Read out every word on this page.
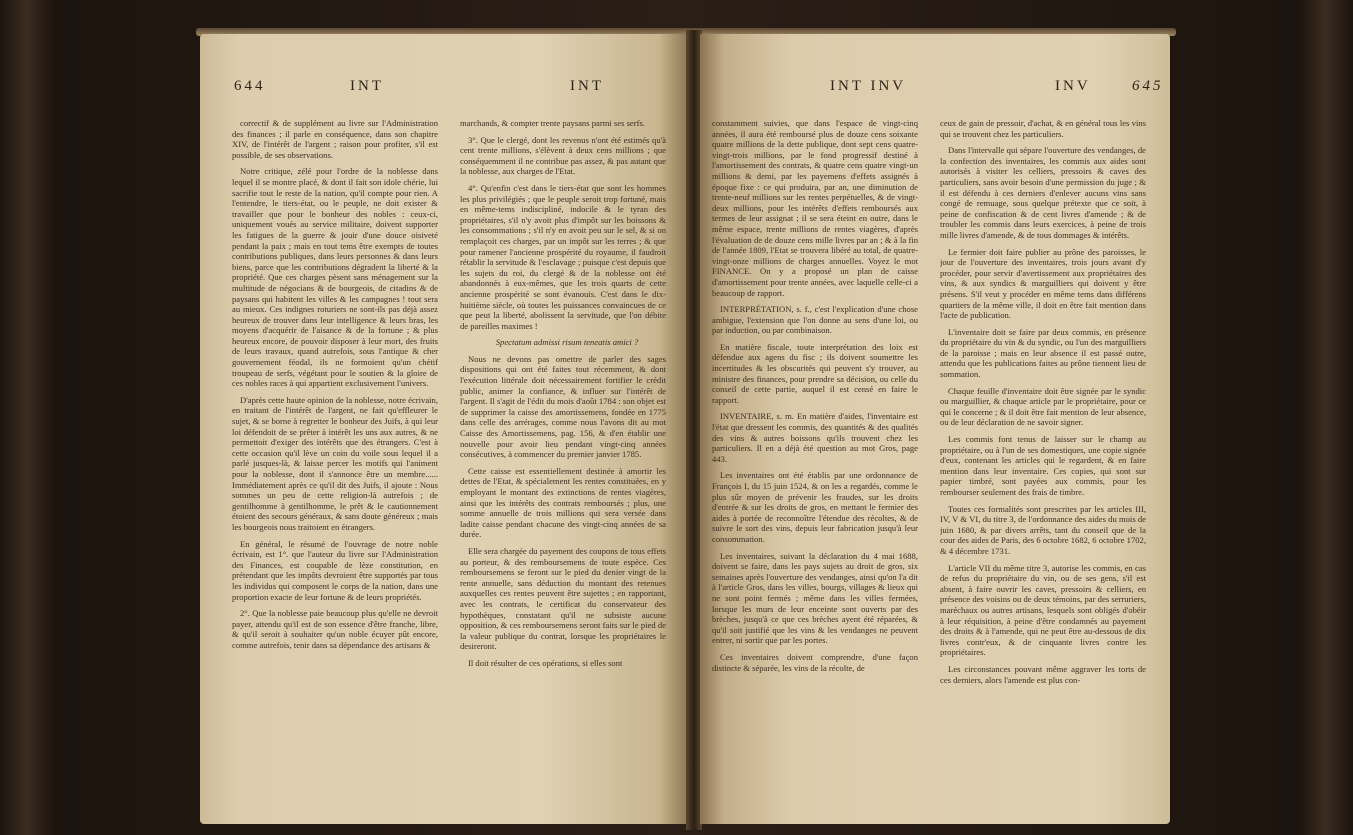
644	INT	INT

correctif & de supplément au livre sur l'Administration des finances ; il parle en conséquence, dans son chapitre XIV, de l'intérêt de l'argent ; raison pour profiter, s'il est possible, de ses observations.

Notre critique, zélé pour l'ordre de la noblesse dans lequel il se montre placé, & dont il fait son idole chérie, lui sacrifie tout le reste de la nation, qu'il compte pour rien. A l'entendre, le tiers-état, ou le peuple, ne doit exister & travailler que pour le bonheur des nobles : ceux-ci, uniquement voués au service militaire, doivent supporter les fatigues de la guerre & jouir d'une douce oisiveté pendant la paix ; mais en tout tems être exempts de toutes contributions publiques, dans leurs personnes & dans leurs biens, parce que les contributions dégradent la liberté & la propriété. Que ces charges pèsent sans ménagement sur la multitude de négocians & de bourgeois, de citadins & de paysans qui habitent les villes & les campagnes ! tout sera au mieux. Ces indignes roturiers ne sont-ils pas déjà assez heureux de trouver dans leur intelligence & leurs bras, les moyens d'acquérir de l'aisance & de la fortune ; & plus heureux encore, de pouvoir disposer à leur mort, des fruits de leurs travaux, quand autrefois, sous l'antique & cher gouvernement féodal, ils ne formoient qu'un chétif troupeau de serfs, végétant pour le soutien & la gloire de ces nobles races à qui appartient exclusivement l'univers.

D'après cette haute opinion de la noblesse, notre écrivain, en traitant de l'intérêt de l'argent, ne fait qu'effleurer le sujet, & se borne à regretter le bonheur des Juifs, à qui leur loi défendoit de se prêter à intérêt les uns aux autres, & ne permettoit d'exiger des intérêts que des étrangers. C'est à cette occasion qu'il lève un coin du voile sous lequel il a parlé jusques-là, & laisse percer les motifs qui l'animent pour la noblesse, dont il s'annonce être un membre...... Immédiatement après ce qu'il dit des Juifs, il ajoute : Nous sommes un peu de cette religion-là autrefois ; de gentilhomme à gentilhomme, le prêt & le cautionnement étoient des secours généraux, & sans doute généreux ; mais les bourgeois nous traitoient en étrangers.

En général, le résumé de l'ouvrage de notre noble écrivain, est 1°. que l'auteur du livre sur l'Administration des Finances, est coupable de lèze constitution, en prétendant que les impôts devroient être supportés par tous les individus qui composent le corps de la nation, dans une proportion exacte de leur fortune & de leurs propriétés.

2°. Que la noblesse paie beaucoup plus qu'elle ne devroit payer, attendu qu'il est de son essence d'être franche, libre, & qu'il seroit à souhaiter qu'un noble écuyer pût encore, comme autrefois, tenir dans sa dépendance des artisans &

marchands, & compter trente paysans parmi ses serfs.

3°. Que le clergé, dont les revenus n'ont été estimés qu'à cent trente millions, s'élèvent à deux cens millions ; que conséquemment il ne contribue pas assez, & pas autant que la noblesse, aux charges de l'Etat.

4°. Qu'enfin c'est dans le tiers-état que sont les hommes les plus privilégiés ; que le peuple seroit trop fortuné, mais en même-tems indiscipliné, indocile & le tyran des propriétaires, s'il n'y avoit plus d'impôt sur les boissons & les consommations ; s'il n'y en avoit peu sur le sel, & si on remplaçoit ces charges, par un impôt sur les terres ; & que pour ramener l'ancienne prospérité du royaume, il faudroit rétablir la servitude & l'esclavage ; puisque c'est depuis que les sujets du roi, du clergé & de la noblesse ont été abandonnés à eux-mêmes, que les trois quarts de cette ancienne prospérité se sont évanouis. C'est dans le dix-huitième siècle, où toutes les puissances convaincues de ce que peut la liberté, abolissent la servitude, que l'on débite de pareilles maximes !

Spectatum admissi risum teneatis amici ?

Nous ne devons pas omettre de parler des sages dispositions qui ont été faites tout récemment, & dont l'exécution littérale doit nécessairement fortifier le crédit public, animer la confiance, & influer sur l'intérêt de l'argent. Il s'agit de l'édit du mois d'août 1784 : son objet est de supprimer la caisse des amortissemens, fondée en 1775 dans celle des arrérages, comme nous l'avons dit au mot Caisse des Amortissemens, pag. 156, & d'en établir une nouvelle pour avoir lieu pendant vingt-cinq années consécutives, à commencer du premier janvier 1785.

Cette caisse est essentiellement destinée à amortir les dettes de l'Etat, & spécialement les rentes constituées, en y employant le montant des extinctions de rentes viagères, ainsi que les intérêts des contrats remboursés ; plus, une somme annuelle de trois millions qui sera versée dans ladite caisse pendant chacune des vingt-cinq années de sa durée.

Elle sera chargée du payement des coupons de tous effets au porteur, & des remboursemens de toute espèce. Ces remboursemens se feront sur le pied du denier vingt de la rente annuelle, sans déduction du montant des retenues auxquelles ces rentes peuvent être sujettes ; en rapportant, avec les contrats, le certificat du conservateur des hypothèques, constatant qu'il ne subsiste aucune opposition, & ces remboursemens seront faits sur le pied de la valeur publique du contrat, lorsque les propriétaires le desireront.

Il doit résulter de ces opérations, si elles sont

INT INV	INV	645

constamment suivies, que dans l'espace de vingt-cinq années, il aura été remboursé plus de douze cens soixante quatre millions de la dette publique, dont sept cens quatre-vingt-trois millions, par le fond progressif destiné à l'amortissement des contrats, & quatre cens quatre vingt-un millions & demi, par les payemens d'effets assignés à époque fixe : ce qui produira, par an, une diminution de trente-neuf millions sur les rentes perpétuelles, & de vingt-deux millions, pour les intérêts d'effets remboursés aux termes de leur assignat ; il se sera éteint en outre, dans le même espace, trente millions de rentes viagères, d'après l'évaluation de de douze cens mille livres par an ; & à la fin de l'année 1809, l'Etat se trouvera libéré au total, de quatre-vingt-onze millions de charges annuelles. Voyez le mot FINANCE. On y a proposé un plan de caisse d'amortissement pour trente années, avec laquelle celle-ci a beaucoup de rapport.

INTERPRÉTATION, s. f., c'est l'explication d'une chose ambigue, l'extension que l'on donne au sens d'une loi, ou par induction, ou par combinaison.

En matière fiscale, toute interprétation des loix est défendue aux agens du fisc ; ils doivent soumettre les incertitudes & les obscurités qui peuvent s'y trouver, au ministre des finances, pour prendre sa décision, ou celle du conseil de cette partie, auquel il est censé en faire le rapport.

INVENTAIRE, s. m. En matière d'aides, l'inventaire est l'état que dressent les commis, des quantités & des qualités des vins & autres boissons qu'ils trouvent chez les particuliers. Il en a déjà été question au mot Gros, page 443.

Les inventaires ont été établis par une ordonnance de François I, du 15 juin 1524, & on les a regardés, comme le plus sûr moyen de prévenir les fraudes, sur les droits d'entrée & sur les droits de gros, en mettant le fermier des aides à portée de reconnoître l'étendue des récoltes, & de suivre le sort des vins, depuis leur fabrication jusqu'à leur consommation.

Les inventaires, suivant la déclaration du 4 mai 1688, doivent se faire, dans les pays sujets au droit de gros, six semaines après l'ouverture des vendanges, ainsi qu'on l'a dit à l'article Gros, dans les villes, bourgs, villages & lieux qui ne sont point fermés ; même dans les villes fermées, lorsque les murs de leur enceinte sont ouverts par des brèches, jusqu'à ce que ces brèches ayent été réparées, & qu'il soit justifié que les vins & les vendanges ne peuvent entrer, ni sortir que par les portes.

Ces inventaires doivent comprendre, d'une façon distincte & séparée, les vins de la récolte, de

ceux de gain de pressoir, d'achat, & en général tous les vins qui se trouvent chez les particuliers.

Dans l'intervalle qui sépare l'ouverture des vendanges, de la confection des inventaires, les commis aux aides sont autorisés à visiter les celliers, pressoirs & caves des particuliers, sans avoir besoin d'une permission du juge ; & il est défendu à ces derniers d'enlever aucuns vins sans congé de remuage, sous quelque prétexte que ce soit, à peine de confiscation & de cent livres d'amende ; & de troubler les commis dans leurs exercices, à peine de trois mille livres d'amende, & de tous dommages & intérêts.

Le fermier doit faire publier au prône des paroisses, le jour de l'ouverture des inventaires, trois jours avant d'y procéder, pour servir d'avertissement aux propriétaires des vins, & aux syndics & marguilliers qui doivent y être présens. S'il veut y procéder en même tems dans différens quartiers de la même ville, il doit en être fait mention dans l'acte de publication.

L'inventaire doit se faire par deux commis, en présence du propriétaire du vin & du syndic, ou l'un des marguilliers de la paroisse ; mais en leur absence il est passé outre, attendu que les publications faites au prône tiennent lieu de sommation.

Chaque feuille d'inventaire doit être signée par le syndic ou marguillier, & chaque article par le propriétaire, pour ce qui le concerne ; & il doit être fait mention de leur absence, ou de leur déclaration de ne savoir signer.

Les commis font tenus de laisser sur le champ au propriétaire, ou à l'un de ses domestiques, une copie signée d'eux, contenant les articles qui le regardent, & en faire mention dans leur inventaire. Ces copies, qui sont sur papier timbré, sont payées aux commis, pour les rembourser seulement des frais de timbre.

Toutes ces formalités sont prescrites par les articles III, IV, V & VI, du titre 3, de l'ordonnance des aides du mois de juin 1680, & par divers arrêts, tant du conseil que de la cour des aides de Paris, des 6 octobre 1682, 6 octobre 1702, & 4 décembre 1731.

L'article VII du même titre 3, autorise les commis, en cas de refus du propriétaire du vin, ou de ses gens, s'il est absent, à faire ouvrir les caves, pressoirs & celliers, en présence des voisins ou de deux témoins, par des serruriers, maréchaux ou autres artisans, lesquels sont obligés d'obéir à leur réquisition, à peine d'être condamnés au payement des droits & à l'amende, qui ne peut être au-dessous de dix livres contr'eux, & de cinquante livres contre les propriétaires.

Les circonstances pouvant même aggraver les torts de ces derniers, alors l'amende est plus con-
